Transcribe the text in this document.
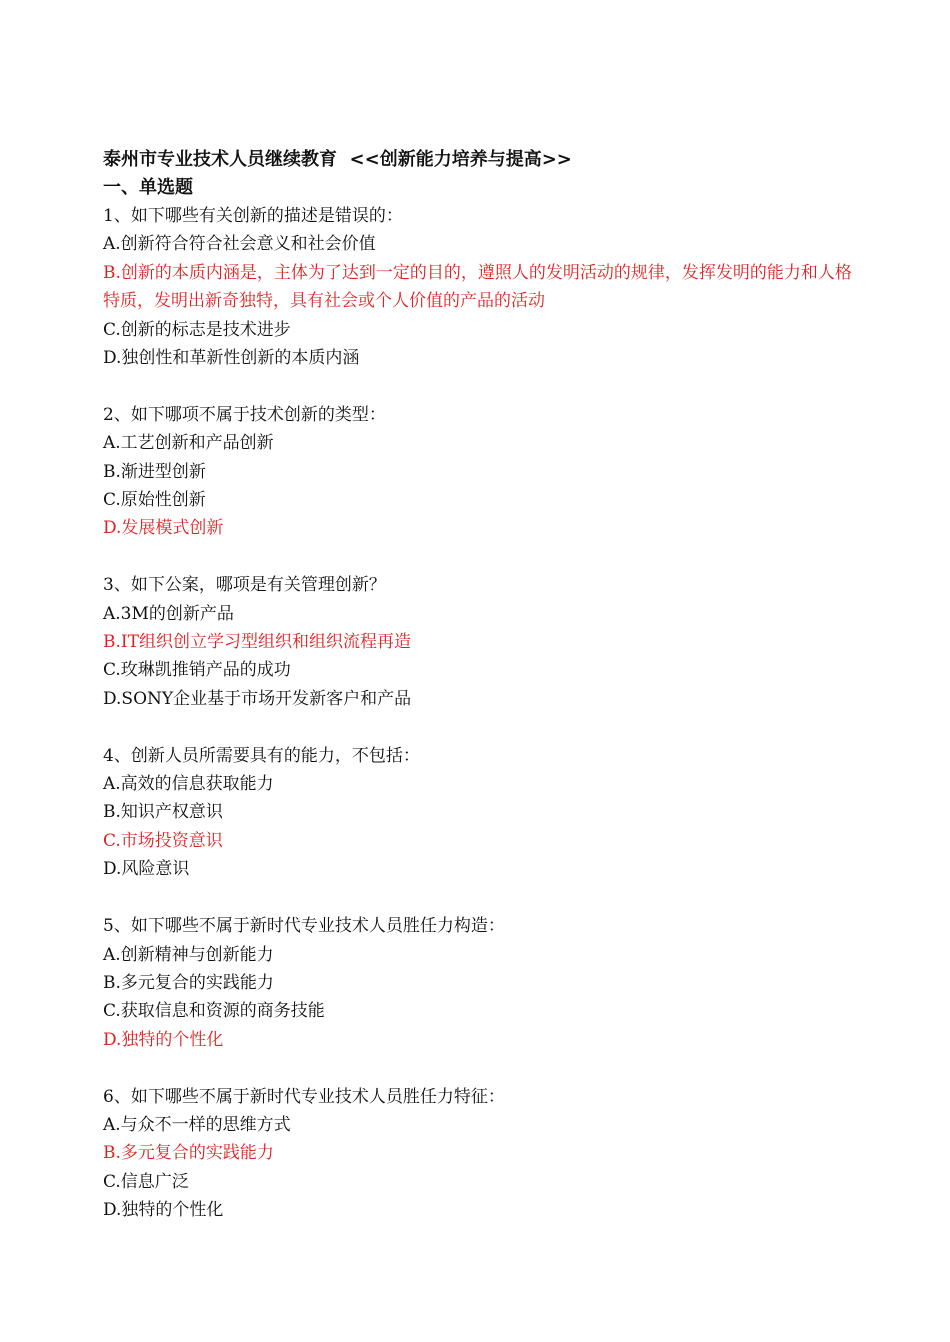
泰州市专业技术人员继续教育  <<创新能力培养与提高>>
一、单选题
1、如下哪些有关创新的描述是错误的：
A.创新符合符合社会意义和社会价值
B.创新的本质内涵是，主体为了达到一定的目的，遵照人的发明活动的规律，发挥发明的能力和人格特质，发明出新奇独特，具有社会或个人价值的产品的活动
C.创新的标志是技术进步
D.独创性和革新性创新的本质内涵
2、如下哪项不属于技术创新的类型：
A.工艺创新和产品创新
B.渐进型创新
C.原始性创新
D.发展模式创新
3、如下公案，哪项是有关管理创新？
A.3M的创新产品
B.IT组织创立学习型组织和组织流程再造
C.玫琳凯推销产品的成功
D.SONY企业基于市场开发新客户和产品
4、创新人员所需要具有的能力，不包括：
A.高效的信息获取能力
B.知识产权意识
C.市场投资意识
D.风险意识
5、如下哪些不属于新时代专业技术人员胜任力构造：
A.创新精神与创新能力
B.多元复合的实践能力
C.获取信息和资源的商务技能
D.独特的个性化
6、如下哪些不属于新时代专业技术人员胜任力特征：
A.与众不一样的思维方式
B.多元复合的实践能力
C.信息广泛
D.独特的个性化
